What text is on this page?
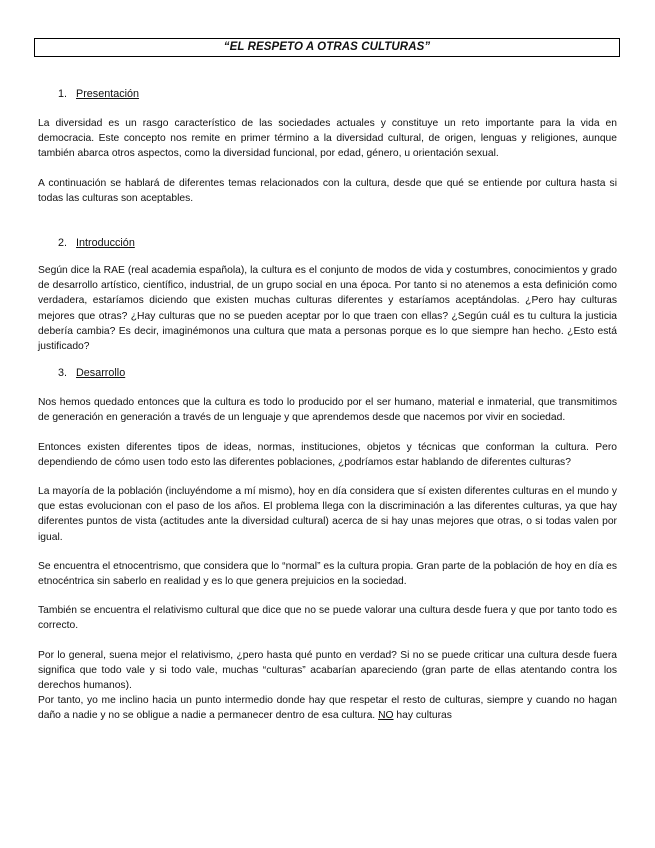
“EL RESPETO A OTRAS CULTURAS”
1. Presentación
La diversidad es un rasgo característico de las sociedades actuales y constituye un reto importante para la vida en democracia. Este concepto nos remite en primer término a la diversidad cultural, de origen, lenguas y religiones, aunque también abarca otros aspectos, como la diversidad funcional, por edad, género, u orientación sexual.
A continuación se hablará de diferentes temas relacionados con la cultura, desde que qué se entiende por cultura hasta si todas las culturas son aceptables.
2. Introducción
Según dice la RAE (real academia española), la cultura es el conjunto de modos de vida y costumbres, conocimientos y grado de desarrollo artístico, científico, industrial, de un grupo social en una época. Por tanto si no atenemos a esta definición como verdadera, estaríamos diciendo que existen muchas culturas diferentes y estaríamos aceptándolas. ¿Pero hay culturas mejores que otras? ¿Hay culturas que no se pueden aceptar por lo que traen con ellas? ¿Según cuál es tu cultura la justicia debería cambia? Es decir, imaginémonos una cultura que mata a personas porque es lo que siempre han hecho. ¿Esto está justificado?
3. Desarrollo
Nos hemos quedado entonces que la cultura es todo lo producido por el ser humano, material e inmaterial, que transmitimos de generación en generación a través de un lenguaje y que aprendemos desde que nacemos por vivir en sociedad.
Entonces existen diferentes tipos de ideas, normas, instituciones, objetos y técnicas que conforman la cultura. Pero dependiendo de cómo usen todo esto las diferentes poblaciones, ¿podríamos estar hablando de diferentes culturas?
La mayoría de la población (incluyéndome a mí mismo), hoy en día considera que sí existen diferentes culturas en el mundo y que estas evolucionan con el paso de los años. El problema llega con la discriminación a las diferentes culturas, ya que hay diferentes puntos de vista (actitudes ante la diversidad cultural) acerca de si hay unas mejores que otras, o si todas valen por igual.
Se encuentra el etnocentrismo, que considera que lo “normal” es la cultura propia. Gran parte de la población de hoy en día es etnocéntrica sin saberlo en realidad y es lo que genera prejuicios en la sociedad.
También se encuentra el relativismo cultural que dice que no se puede valorar una cultura desde fuera y que por tanto todo es correcto.
Por lo general, suena mejor el relativismo, ¿pero hasta qué punto en verdad? Si no se puede criticar una cultura desde fuera significa que todo vale y si todo vale, muchas “culturas” acabarían apareciendo (gran parte de ellas atentando contra los derechos humanos).
Por tanto, yo me inclino hacia un punto intermedio donde hay que respetar el resto de culturas, siempre y cuando no hagan daño a nadie y no se obligue a nadie a permanecer dentro de esa cultura. NO hay culturas
